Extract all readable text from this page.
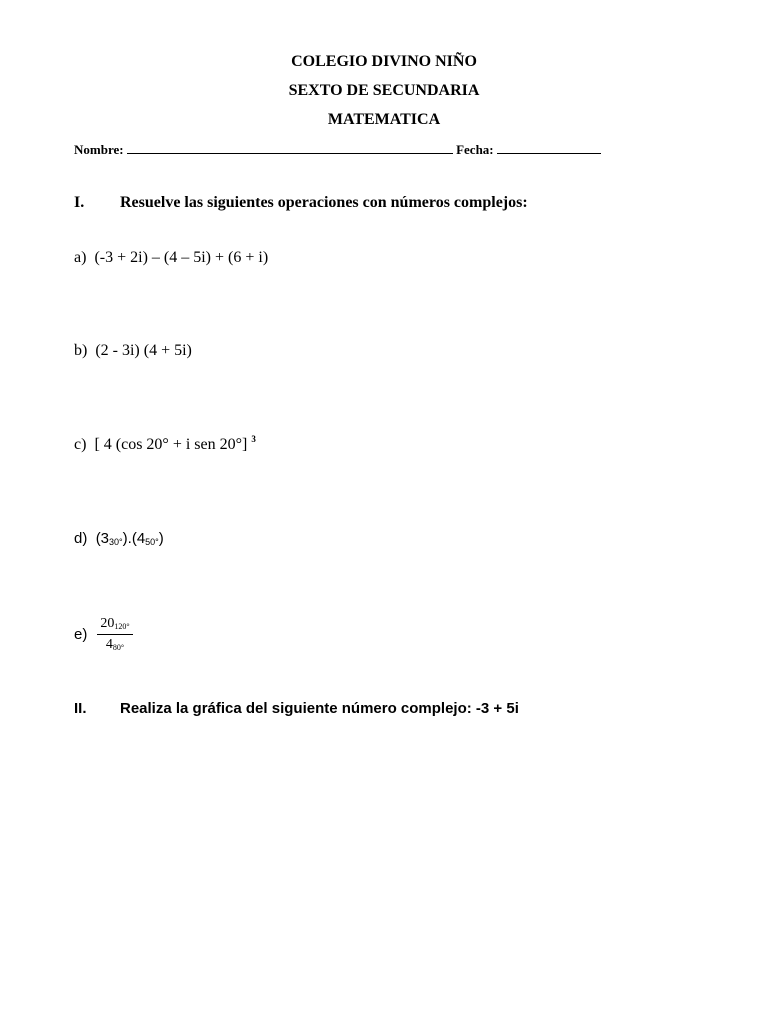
COLEGIO DIVINO NIÑO
SEXTO DE SECUNDARIA
MATEMATICA
Nombre:	Fecha:
I. Resuelve las siguientes operaciones con números complejos:
a) (-3 + 2i) – (4 – 5i) + (6 + i)
b) (2 - 3i) (4 + 5i)
c) [ 4 (cos 20° + i sen 20°] $^3$
d) (330°).(450°)
$e) \frac{20120^\circ}{480^\circ}$
II. Realiza la gráfica del siguiente número complejo: -3 + 5i
